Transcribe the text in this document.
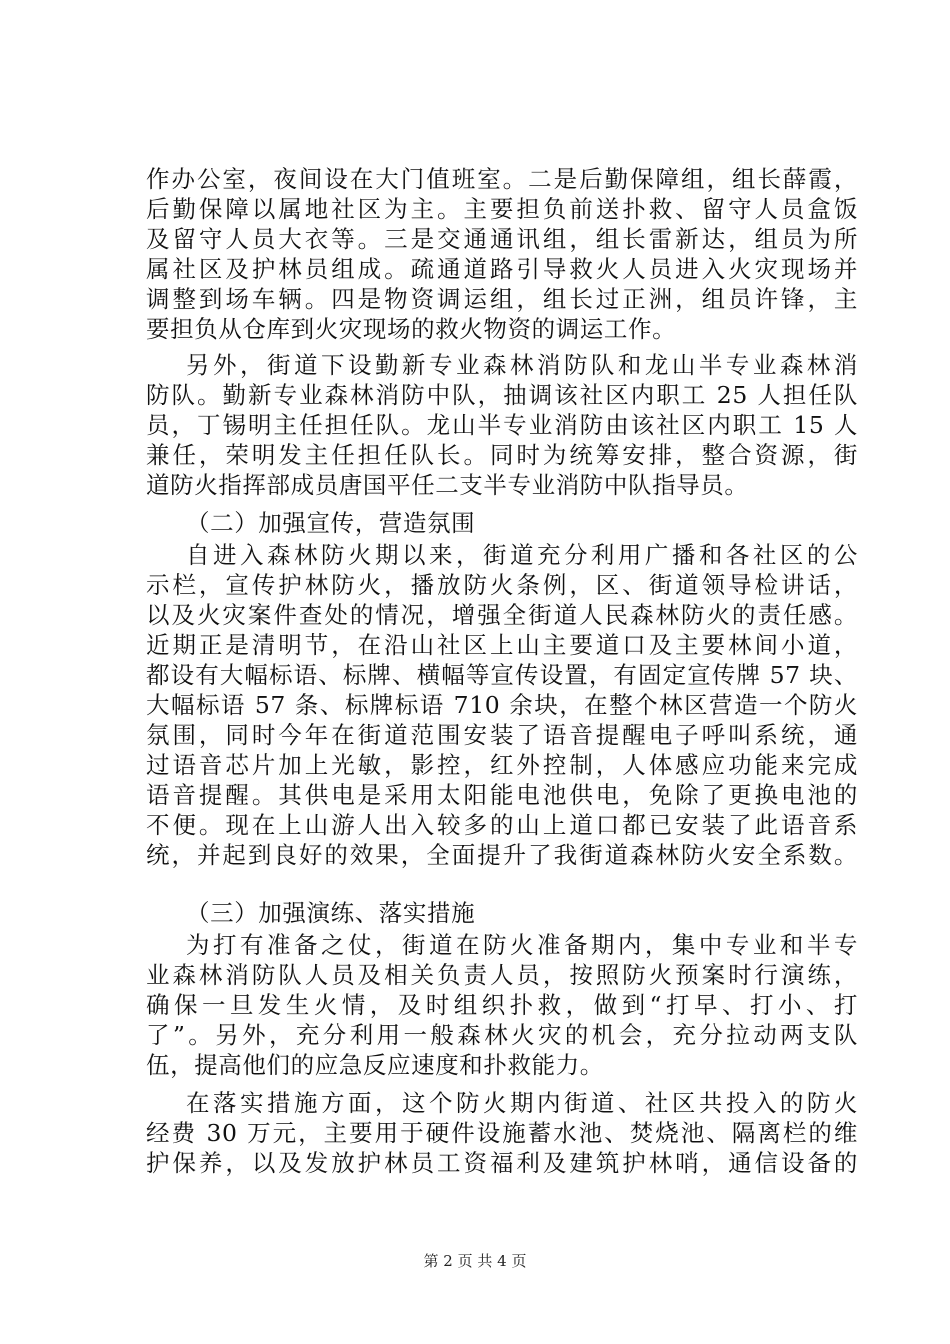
作办公室，夜间设在大门值班室。二是后勤保障组，组长薛霞，
后勤保障以属地社区为主。主要担负前送扑救、留守人员盒饭
及留守人员大衣等。三是交通通讯组，组长雷新达，组员为所
属社区及护林员组成。疏通道路引导救火人员进入火灾现场并
调整到场车辆。四是物资调运组，组长过正洲，组员许锋，主
要担负从仓库到火灾现场的救火物资的调运工作。
另外，街道下设勤新专业森林消防队和龙山半专业森林消
防队。勤新专业森林消防中队，抽调该社区内职工 25 人担任队
员，丁锡明主任担任队。龙山半专业消防由该社区内职工 15 人
兼任，荣明发主任担任队长。同时为统筹安排，整合资源，街
道防火指挥部成员唐国平任二支半专业消防中队指导员。
（二）加强宣传，营造氛围
自进入森林防火期以来，街道充分利用广播和各社区的公
示栏，宣传护林防火，播放防火条例，区、街道领导检讲话，
以及火灾案件查处的情况，增强全街道人民森林防火的责任感。
近期正是清明节，在沿山社区上山主要道口及主要林间小道，
都设有大幅标语、标牌、横幅等宣传设置，有固定宣传牌 57 块、
大幅标语 57 条、标牌标语 710 余块，在整个林区营造一个防火
氛围，同时今年在街道范围安装了语音提醒电子呼叫系统，通
过语音芯片加上光敏，影控，红外控制，人体感应功能来完成
语音提醒。其供电是采用太阳能电池供电，免除了更换电池的
不便。现在上山游人出入较多的山上道口都已安装了此语音系
统，并起到良好的效果，全面提升了我街道森林防火安全系数。
（三）加强演练、落实措施
为打有准备之仗，街道在防火准备期内，集中专业和半专
业森林消防队人员及相关负责人员，按照防火预案时行演练，
确保一旦发生火情，及时组织扑救，做到“打早、打小、打
了”。另外，充分利用一般森林火灾的机会，充分拉动两支队
伍，提高他们的应急反应速度和扑救能力。
在落实措施方面，这个防火期内街道、社区共投入的防火
经费 30 万元，主要用于硬件设施蓄水池、焚烧池、隔离栏的维
护保养，以及发放护林员工资福利及建筑护林哨，通信设备的
第 2 页 共 4 页
